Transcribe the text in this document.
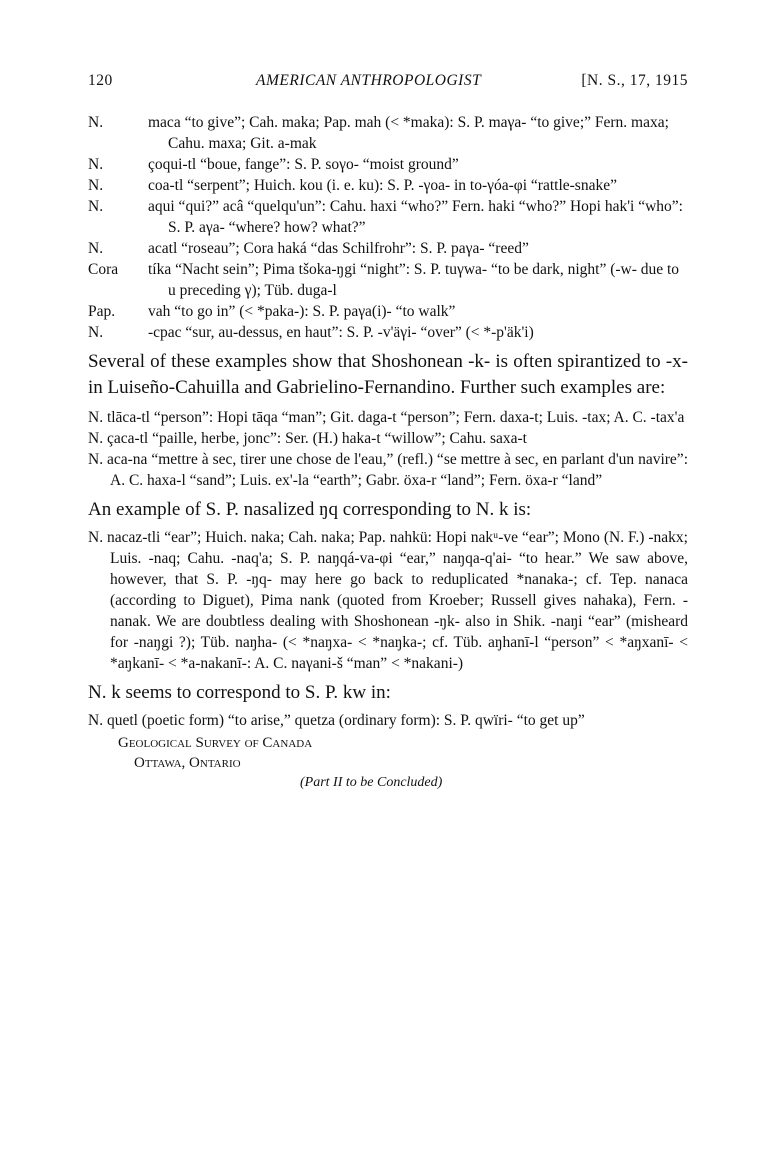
120	AMERICAN ANTHROPOLOGIST	[N. S., 17, 1915
N.	maca “to give”; Cah. maka; Pap. mah (< *maka): S. P. maγa- “to give;” Fern. maxa; Cahu. maxa; Git. a-mak
N.	çoqui-tl “boue, fange”: S. P. soγo- “moist ground”
N.	coa-tl “serpent”; Huich. kou (i. e. ku): S. P. -γoa- in to-γóa-φi “rattle-snake”
N.	aqui “qui?” acâ “quelqu'un”: Cahu. haxi “who?” Fern. haki “who?” Hopi hak'i “who”: S. P. aγa- “where? how? what?”
N.	acatl “roseau”; Cora haká “das Schilfrohr”: S. P. paγa- “reed”
Cora tíka “Nacht sein”; Pima tšoka-ŋgi “night”: S. P. tuγwa- “to be dark, night” (-w- due to u preceding γ); Tüb. duga-l
Pap. vah “to go in” (< *paka-): S. P. paγa(i)- “to walk”
N.	-cpac “sur, au-dessus, en haut”: S. P. -v'äγi- “over” (< *-p'äk'i)
Several of these examples show that Shoshonean -k- is often spirantized to -x- in Luiseño-Cahuilla and Gabrielino-Fernandino. Further such examples are:
N. tlāca-tl “person”: Hopi tāqa “man”; Git. daga-t “person”; Fern. daxa-t; Luis. -tax; A. C. -tax'a
N. çaca-tl “paille, herbe, jonc”: Ser. (H.) haka-t “willow”; Cahu. saxa-t
N. aca-na “mettre à sec, tirer une chose de l'eau,” (refl.) “se mettre à sec, en parlant d'un navire”: A. C. haxa-l “sand”; Luis. ex'-la “earth”; Gabr. öxa-r “land”; Fern. öxa-r “land”
An example of S. P. nasalized ŋq corresponding to N. k is:
N. nacaz-tli “ear”; Huich. naka; Cah. naka; Pap. nahkü: Hopi nakᵘ-ve “ear”; Mono (N. F.) -nakx; Luis. -naq; Cahu. -naq'a; S. P. naŋqá-va-φi “ear,” naŋqa-q'ai- “to hear.” We saw above, however, that S. P. -ŋq- may here go back to reduplicated *nanaka-; cf. Tep. nanaca (according to Diguet), Pima nank (quoted from Kroeber; Russell gives nahaka), Fern. -nanak. We are doubtless dealing with Shoshonean -ŋk- also in Shik. -naŋi “ear” (misheard for -naŋgi ?); Tüb. naŋha- (< *naŋxa- < *naŋka-; cf. Tüb. aŋhanī-l “person” < *aŋxanī- < *aŋkanī- < *a-nakanī-: A. C. naγani-š “man” < *nakani-)
N. k seems to correspond to S. P. kw in:
N. quetl (poetic form) “to arise,” quetza (ordinary form): S. P. qwïri- “to get up”
Geological Survey of Canada
Ottawa, Ontario
(Part II to be Concluded)
